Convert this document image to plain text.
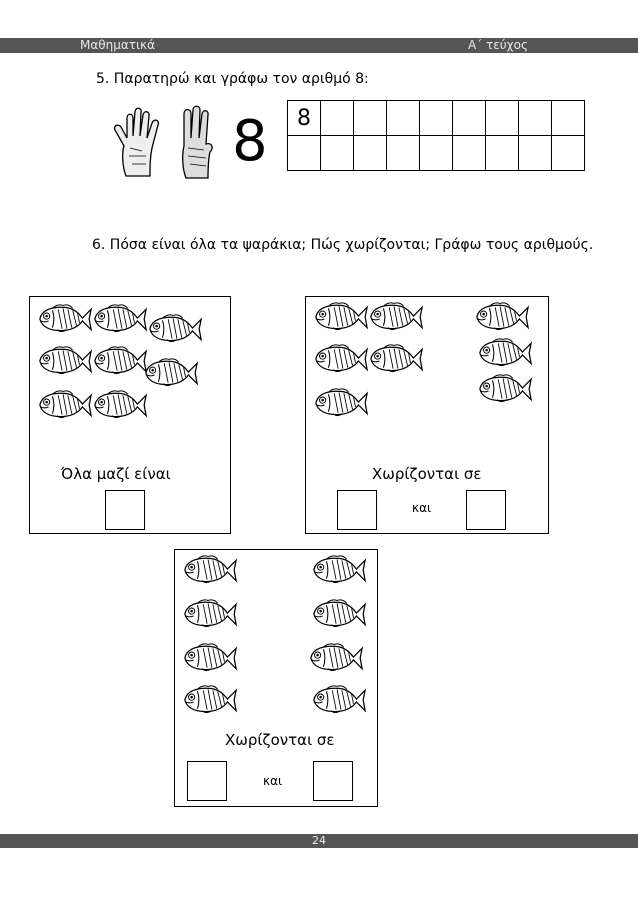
Μαθηματικά	Α΄ τεύχος
5. Παρατηρώ και γράφω τον αριθμό 8:
8 8								

6. Πόσα είναι όλα τα ψαράκια; Πώς χωρίζονται; Γράφω τους αριθμούς.
Όλα μαζί είναι	Χωρίζονται σε
και
Χωρίζονται σε
και
24
